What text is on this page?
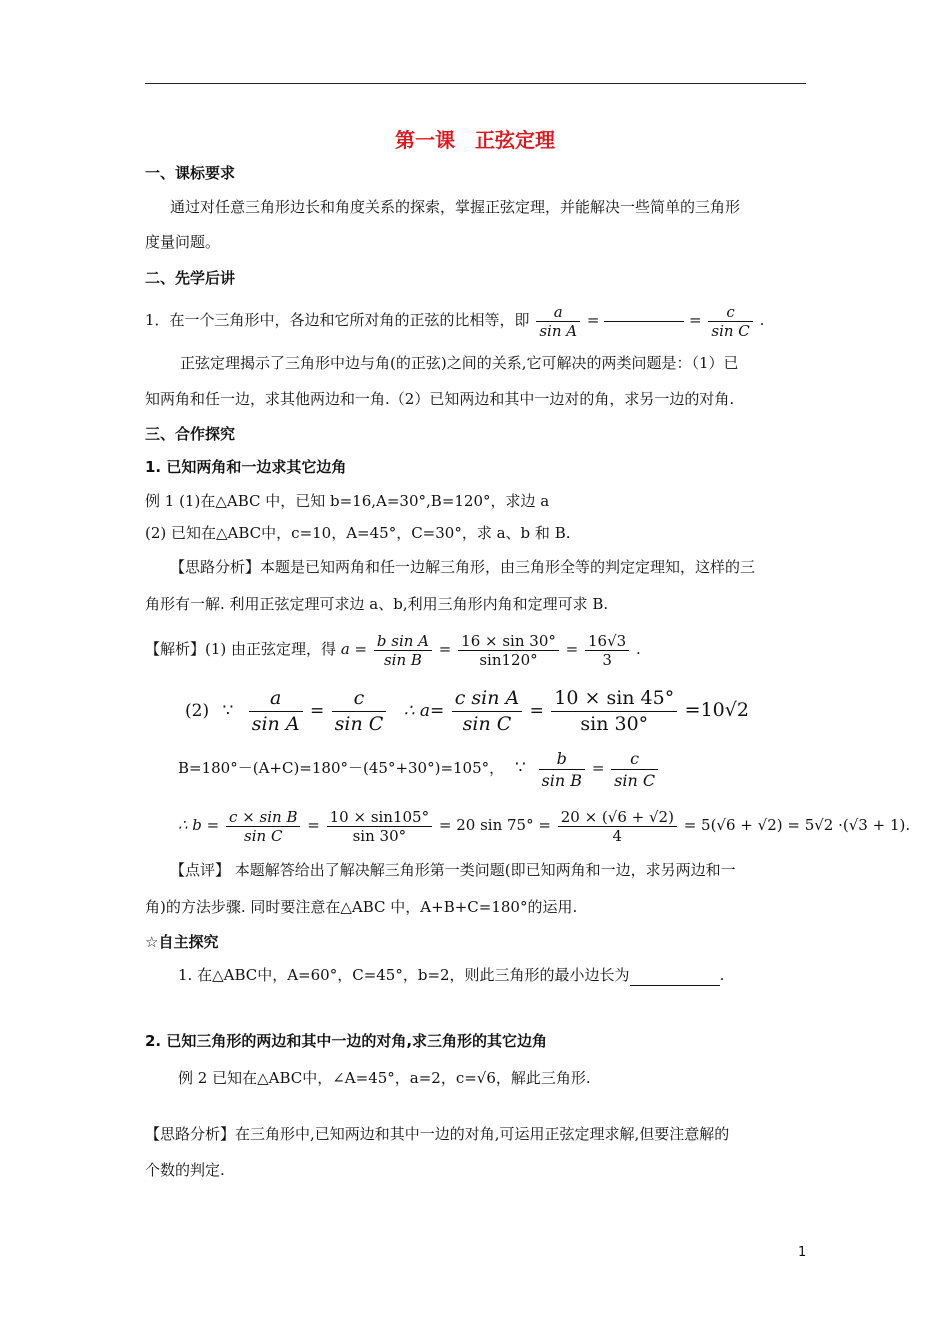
第一课　正弦定理
一、课标要求
通过对任意三角形边长和角度关系的探索，掌握正弦定理，并能解决一些简单的三角形
度量问题。
二、先学后讲
1．在一个三角形中，各边和它所对角的正弦的比相等，即 $\frac{a}{\text{sin A}}$ =	= $\frac{c}{\text{sin C}}$ .
正弦定理揭示了三角形中边与角(的正弦)之间的关系,它可解决的两类问题是：（1）已
知两角和任一边，求其他两边和一角.（2）已知两边和其中一边对的角，求另一边的对角.
三、合作探究
1. 已知两角和一边求其它边角
例 1 (1)在△ABC 中，已知 b=16,A=30°,B=120°，求边 a
(2) 已知在△ABC中，c=10，A=45°，C=30°，求 a、b 和 B.
【思路分析】本题是已知两角和任一边解三角形，由三角形全等的判定定理知，这样的三
角形有一解. 利用正弦定理可求边 a、b,利用三角形内角和定理可求 B.
【解析】(1) 由正弦定理，得 $a = \frac{\text{b sin A}}{\text{sin B}} = \frac{16 \times \sin 30^\circ}{\sin 120^\circ} = \frac{16√3}{3}$ .
(2) ∵ $\frac{a}{\text{sin A}} = \frac{c}{\text{sin C}}$ ∴ $a= \frac{\text{c sin A}}{\text{sin C}} = \frac{10 \times \sin 45^\circ}{\sin 30^\circ} =10√2$
B=180°－(A+C)=180°－(45°+30°)=105°， ∵ $\frac{b}{\text{sin B}} = \frac{c}{\text{sin C}}$
∴ $b = \frac{\text{c × sin B}}{\text{sin C}} = \frac{10 \times \sin 105^\circ}{\sin 30^\circ} = 20$ $\sin 75^\circ = \frac{20 \times (√6 + √2)}{4} = 5(√6 + √2) = 5√2 \cdot(√3 + 1)$.
【点评】 本题解答给出了解决解三角形第一类问题(即已知两角和一边，求另两边和一
角)的方法步骤. 同时要注意在△ABC 中，A+B+C=180°的运用.
☆自主探究
1. 在△ABC中，A=60°，C=45°，b=2，则此三角形的最小边长为	.
2. 已知三角形的两边和其中一边的对角,求三角形的其它边角
例 2 已知在△ABC中，∠A=45°，a=2，c=√6，解此三角形.
【思路分析】在三角形中,已知两边和其中一边的对角,可运用正弦定理求解,但要注意解的
个数的判定.
1
